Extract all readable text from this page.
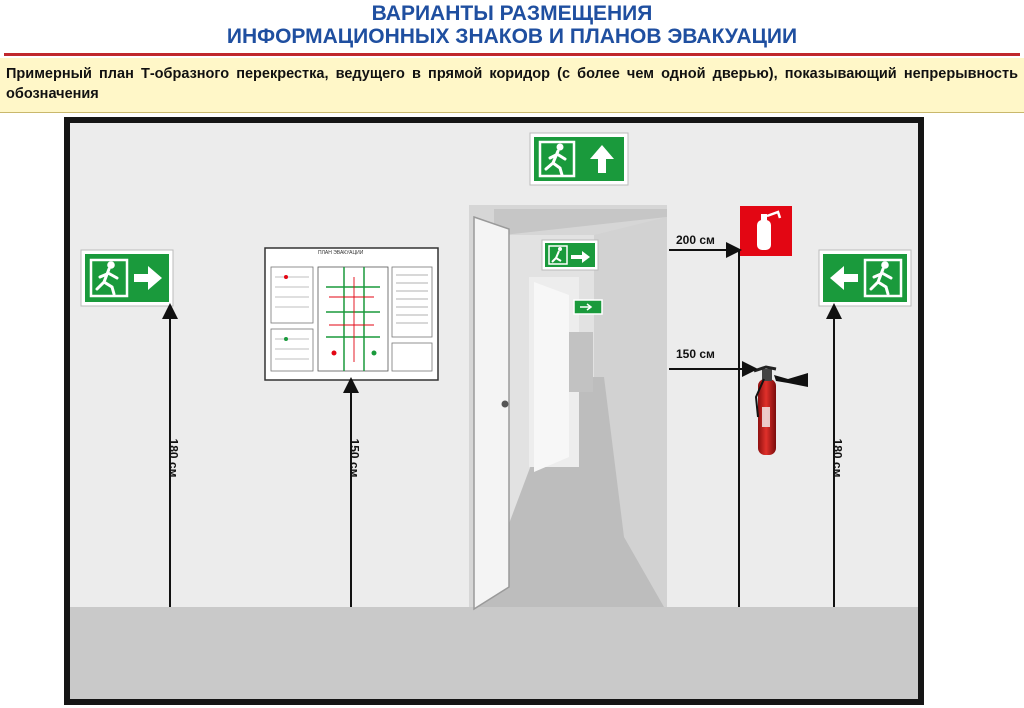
ВАРИАНТЫ РАЗМЕЩЕНИЯ
ИНФОРМАЦИОННЫХ ЗНАКОВ И ПЛАНОВ ЭВАКУАЦИИ
Примерный план Т-образного перекрестка, ведущего в прямой коридор (с более чем одной дверью), показывающий непрерывность обозначения
ПЛАН ЭВАКУАЦИИ
200 см
150 см
180 см	150 см	180 см
